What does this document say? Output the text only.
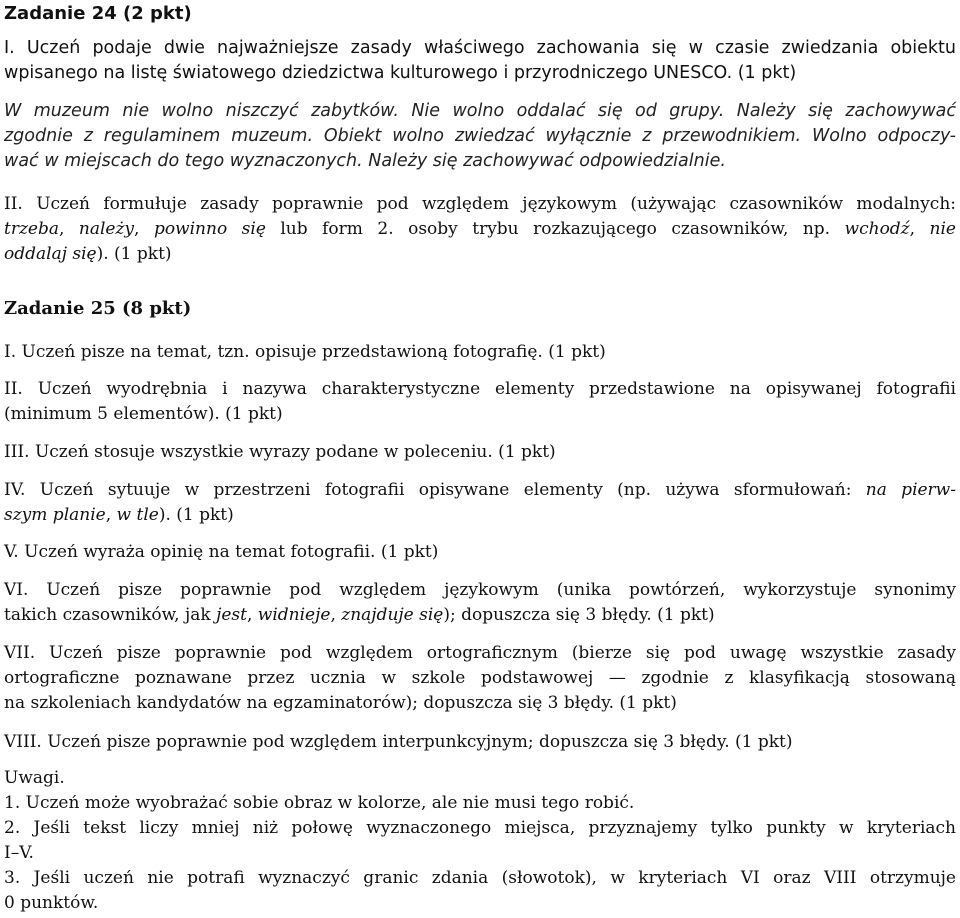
Zadanie 24 (2 pkt)
I. Uczeń podaje dwie najważniejsze zasady właściwego zachowania się w czasie zwiedzania obiektu
wpisanego na listę światowego dziedzictwa kulturowego i przyrodniczego UNESCO. (1 pkt)
W muzeum nie wolno niszczyć zabytków. Nie wolno oddalać się od grupy. Należy się zachowywać
zgodnie z regulaminem muzeum. Obiekt wolno zwiedzać wyłącznie z przewodnikiem. Wolno odpoczy-
wać w miejscach do tego wyznaczonych. Należy się zachowywać odpowiedzialnie.
II. Uczeń formułuje zasady poprawnie pod względem językowym (używając czasowników modalnych:
trzeba, należy, powinno się lub form 2. osoby trybu rozkazującego czasowników, np. wchodź, nie
oddalaj się). (1 pkt)
Zadanie 25 (8 pkt)
I. Uczeń pisze na temat, tzn. opisuje przedstawioną fotografię. (1 pkt)
II. Uczeń wyodrębnia i nazywa charakterystyczne elementy przedstawione na opisywanej fotografii
(minimum 5 elementów). (1 pkt)
III. Uczeń stosuje wszystkie wyrazy podane w poleceniu. (1 pkt)
IV. Uczeń sytuuje w przestrzeni fotografii opisywane elementy (np. używa sformułowań: na pierw-
szym planie, w tle). (1 pkt)
V. Uczeń wyraża opinię na temat fotografii. (1 pkt)
VI. Uczeń pisze poprawnie pod względem językowym (unika powtórzeń, wykorzystuje synonimy
takich czasowników, jak jest, widnieje, znajduje się); dopuszcza się 3 błędy. (1 pkt)
VII. Uczeń pisze poprawnie pod względem ortograficznym (bierze się pod uwagę wszystkie zasady
ortograficzne poznawane przez ucznia w szkole podstawowej — zgodnie z klasyfikacją stosowaną
na szkoleniach kandydatów na egzaminatorów); dopuszcza się 3 błędy. (1 pkt)
VIII. Uczeń pisze poprawnie pod względem interpunkcyjnym; dopuszcza się 3 błędy. (1 pkt)
Uwagi.
1. Uczeń może wyobrażać sobie obraz w kolorze, ale nie musi tego robić.
2. Jeśli tekst liczy mniej niż połowę wyznaczonego miejsca, przyznajemy tylko punkty w kryteriach
I–V.
3. Jeśli uczeń nie potrafi wyznaczyć granic zdania (słowotok), w kryteriach VI oraz VIII otrzymuje
0 punktów.
